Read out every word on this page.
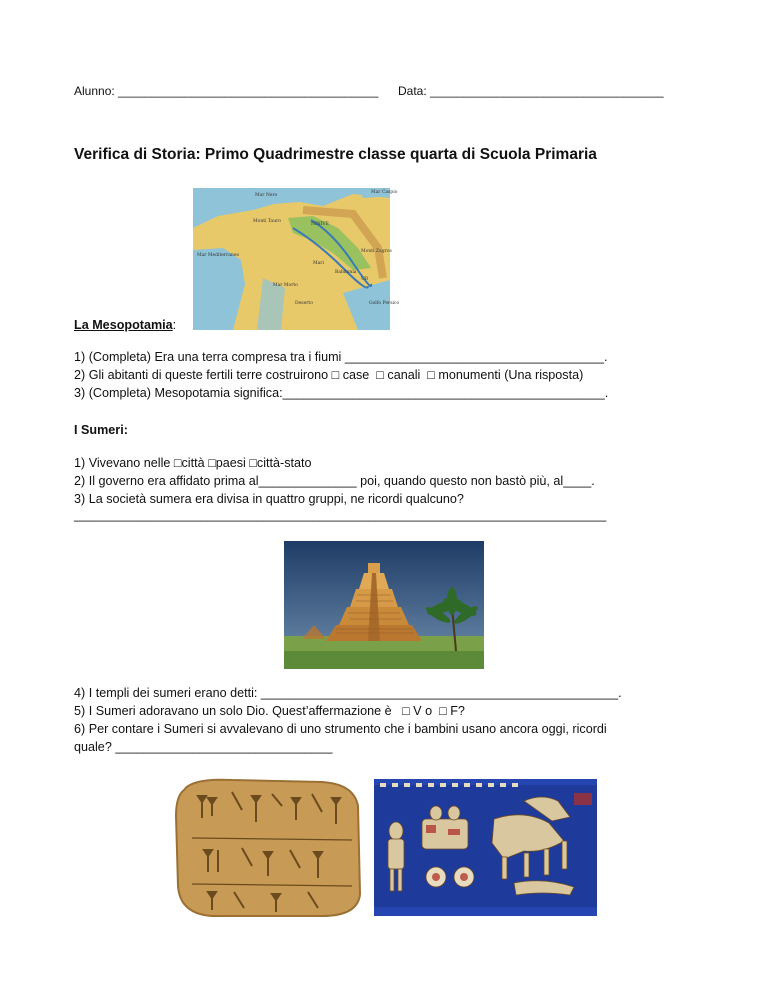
Alunno: _______________________________________ Data: ___________________________________
Verifica di Storia: Primo Quadrimestre classe quarta di Scuola Primaria
Mar Nero
Mar Caspio
Monti Tauro
NINIVE
Mar Mediterraneo
Mari
Babilonia
Monti Zagros
UR
Mar Morto
Deserto	Golfo Persico
La Mesopotamia:
1) (Completa) Era una terra compresa tra i fiumi _____________________________________.
2) Gli abitanti di queste fertili terre costruirono □ case  □ canali  □ monumenti (Una risposta)
3) (Completa) Mesopotamia significa:______________________________________________.
I Sumeri:
1) Vivevano nelle □città □paesi □città-stato
2) Il governo era affidato prima al______________ poi, quando questo non bastò più, al____.
3) La società sumera era divisa in quattro gruppi, ne ricordi qualcuno?
____________________________________________________________________________
4) I templi dei sumeri erano detti: ___________________________________________________.
5) I Sumeri adoravano un solo Dio. Quest’affermazione è   □ V o  □ F?
6) Per contare i Sumeri si avvalevano di uno strumento che i bambini usano ancora oggi, ricordi
quale? _______________________________
